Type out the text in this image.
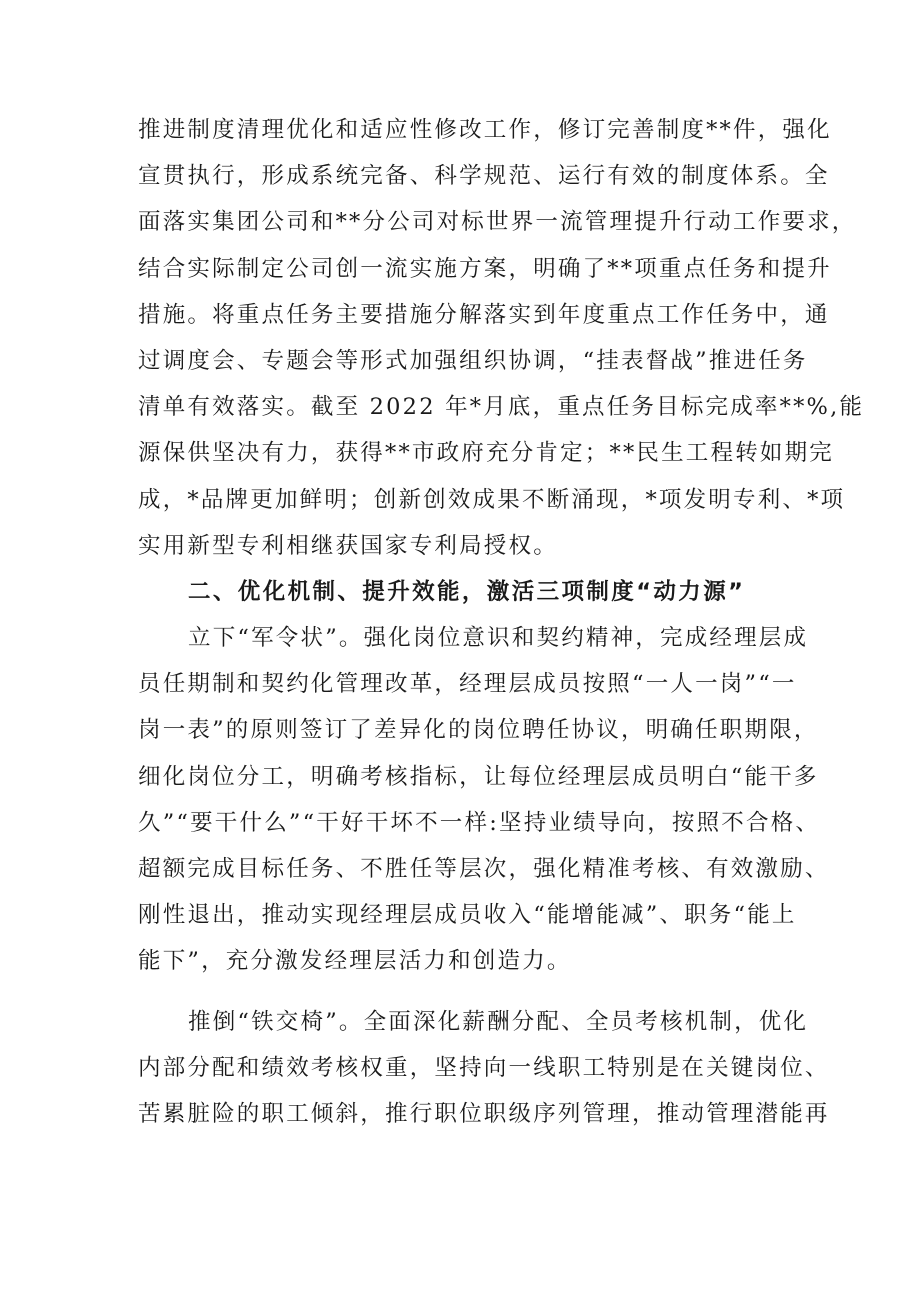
推进制度清理优化和适应性修改工作，修订完善制度**件，强化
宣贯执行，形成系统完备、科学规范、运行有效的制度体系。全
面落实集团公司和**分公司对标世界一流管理提升行动工作要求，
结合实际制定公司创一流实施方案，明确了**项重点任务和提升
措施。将重点任务主要措施分解落实到年度重点工作任务中，通
过调度会、专题会等形式加强组织协调，“挂表督战”推进任务
清单有效落实。截至 2022 年*月底，重点任务目标完成率**%,能
源保供坚决有力，获得**市政府充分肯定；**民生工程转如期完
成，*品牌更加鲜明；创新创效成果不断涌现，*项发明专利、*项
实用新型专利相继获国家专利局授权。
二、优化机制、提升效能，激活三项制度“动力源”
立下“军令状”。强化岗位意识和契约精神，完成经理层成
员任期制和契约化管理改革，经理层成员按照“一人一岗”“一
岗一表”的原则签订了差异化的岗位聘任协议，明确任职期限，
细化岗位分工，明确考核指标，让每位经理层成员明白“能干多
久”“要干什么”“干好干坏不一样:坚持业绩导向，按照不合格、
超额完成目标任务、不胜任等层次，强化精准考核、有效激励、
刚性退出，推动实现经理层成员收入“能增能减”、职务“能上
能下”，充分激发经理层活力和创造力。
推倒“铁交椅”。全面深化薪酬分配、全员考核机制，优化
内部分配和绩效考核权重，坚持向一线职工特别是在关键岗位、
苦累脏险的职工倾斜，推行职位职级序列管理，推动管理潜能再
